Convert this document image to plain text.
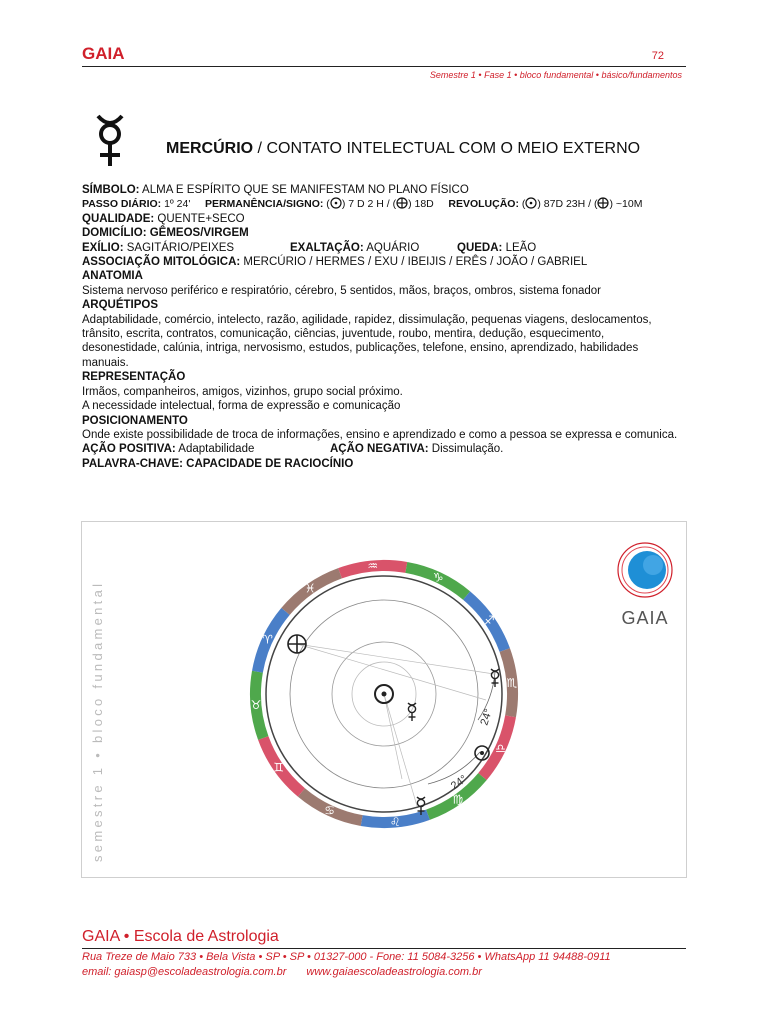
GAIA	72
Semestre 1 • Fase 1 • bloco fundamental • básico/fundamentos
MERCÚRIO / CONTATO INTELECTUAL COM O MEIO EXTERNO
SÍMBOLO: ALMA E ESPÍRITO QUE SE MANIFESTAM NO PLANO FÍSICO
PASSO DIÁRIO: 1º 24' PERMANÊNCIA/SIGNO: ( ) 7 D 2 H / ( ) 18D REVOLUÇÃO: ( ) 87D 23H / ( ) ~10M
QUALIDADE: QUENTE+SECO
DOMICÍLIO: GÊMEOS/VIRGEM
EXÍLIO: SAGITÁRIO/PEIXES	EXALTAÇÃO: AQUÁRIO	QUEDA: LEÃO
ASSOCIAÇÃO MITOLÓGICA: MERCÚRIO / HERMES / EXU / IBEIJIS / ERÊS / JOÃO / GABRIEL
ANATOMIA
Sistema nervoso periférico e respiratório, cérebro, 5 sentidos, mãos, braços, ombros, sistema fonador
ARQUÉTIPOS
Adaptabilidade, comércio, intelecto, razão, agilidade, rapidez, dissimulação, pequenas viagens, deslocamentos, trânsito, escrita, contratos, comunicação, ciências, juventude, roubo, mentira, dedução, esquecimento, desonestidade, calúnia, intriga, nervosismo, estudos, publicações, telefone, ensino, aprendizado, habilidades manuais.
REPRESENTAÇÃO
Irmãos, companheiros, amigos, vizinhos, grupo social próximo.
A necessidade intelectual, forma de expressão e comunicação
POSICIONAMENTO
Onde existe possibilidade de troca de informações, ensino e aprendizado e como a pessoa se expressa e comunica.
AÇÃO POSITIVA: Adaptabilidade	AÇÃO NEGATIVA: Dissimulação.
PALAVRA-CHAVE: CAPACIDADE DE RACIOCÍNIO
semestre 1 • bloco fundamental
♒
♑
♐
♏
♎
♍
♌
♋
♊
♉
♈
♓
24°
24°
GAIA
GAIA • Escola de Astrologia
Rua Treze de Maio 733 • Bela Vista • SP • SP • 01327-000 - Fone: 11 5084-3256 • WhatsApp 11 94488-0911
email: gaiasp@escoladeastrologia.com.br www.gaiaescoladeastrologia.com.br
